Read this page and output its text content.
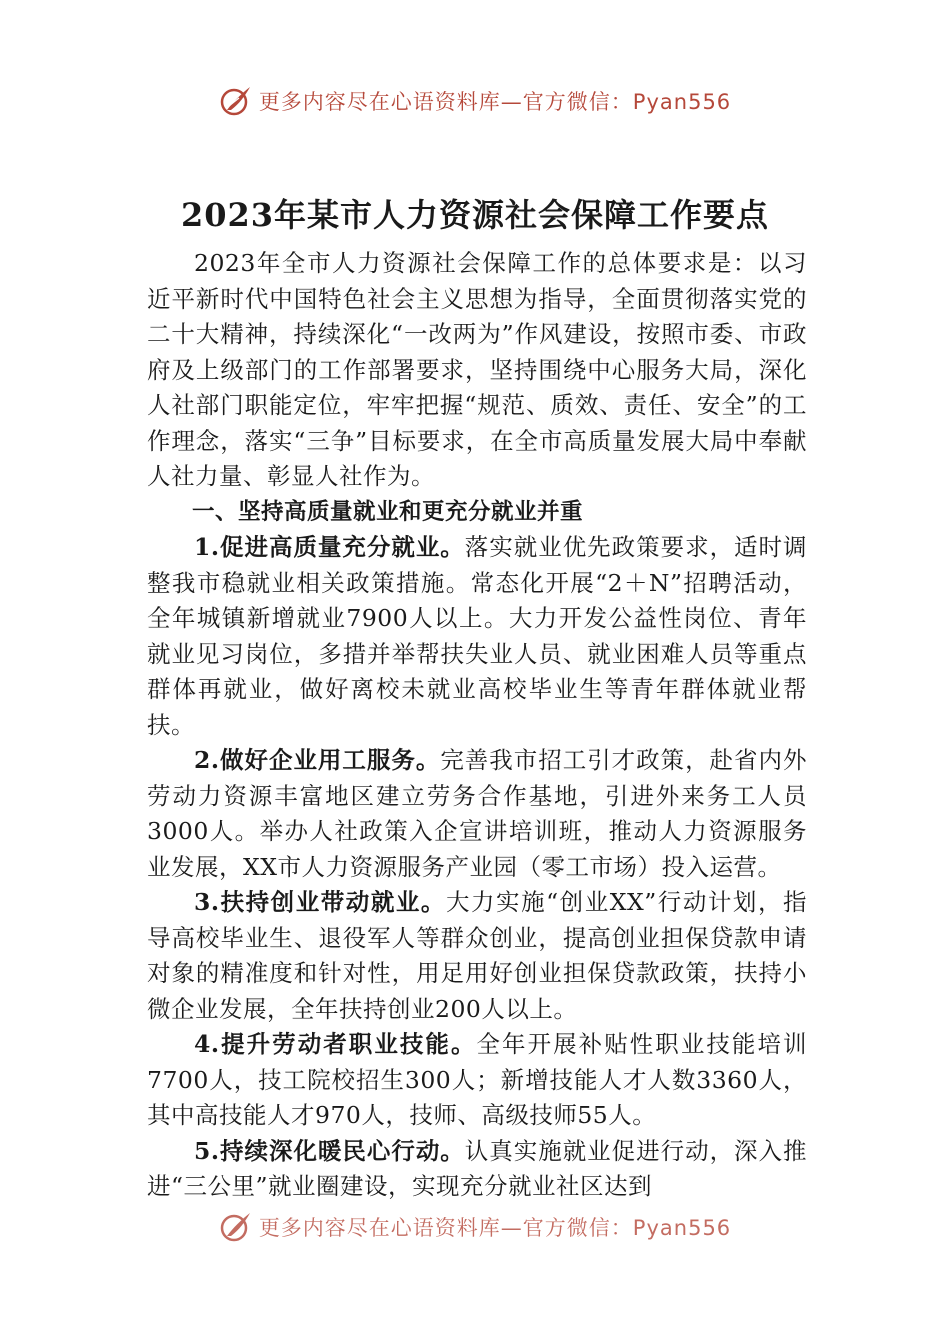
更多内容尽在心语资料库—官方微信：Pyan556
2023年某市人力资源社会保障工作要点

2023年全市人力资源社会保障工作的总体要求是：以习近平新时代中国特色社会主义思想为指导，全面贯彻落实党的二十大精神，持续深化“一改两为”作风建设，按照市委、市政府及上级部门的工作部署要求，坚持围绕中心服务大局，深化人社部门职能定位，牢牢把握“规范、质效、责任、安全”的工作理念，落实“三争”目标要求，在全市高质量发展大局中奉献人社力量、彰显人社作为。

一、坚持高质量就业和更充分就业并重

1.促进高质量充分就业。落实就业优先政策要求，适时调整我市稳就业相关政策措施。常态化开展“2＋N”招聘活动，全年城镇新增就业7900人以上。大力开发公益性岗位、青年就业见习岗位，多措并举帮扶失业人员、就业困难人员等重点群体再就业，做好离校未就业高校毕业生等青年群体就业帮扶。

2.做好企业用工服务。完善我市招工引才政策，赴省内外劳动力资源丰富地区建立劳务合作基地，引进外来务工人员3000人。举办人社政策入企宣讲培训班，推动人力资源服务业发展，XX市人力资源服务产业园（零工市场）投入运营。

3.扶持创业带动就业。大力实施“创业XX”行动计划，指导高校毕业生、退役军人等群众创业，提高创业担保贷款申请对象的精准度和针对性，用足用好创业担保贷款政策，扶持小微企业发展，全年扶持创业200人以上。

4.提升劳动者职业技能。全年开展补贴性职业技能培训7700人，技工院校招生300人；新增技能人才人数3360人，其中高技能人才970人，技师、高级技师55人。

5.持续深化暖民心行动。认真实施就业促进行动，深入推进“三公里”就业圈建设，实现充分就业社区达到

更多内容尽在心语资料库—官方微信：Pyan556
